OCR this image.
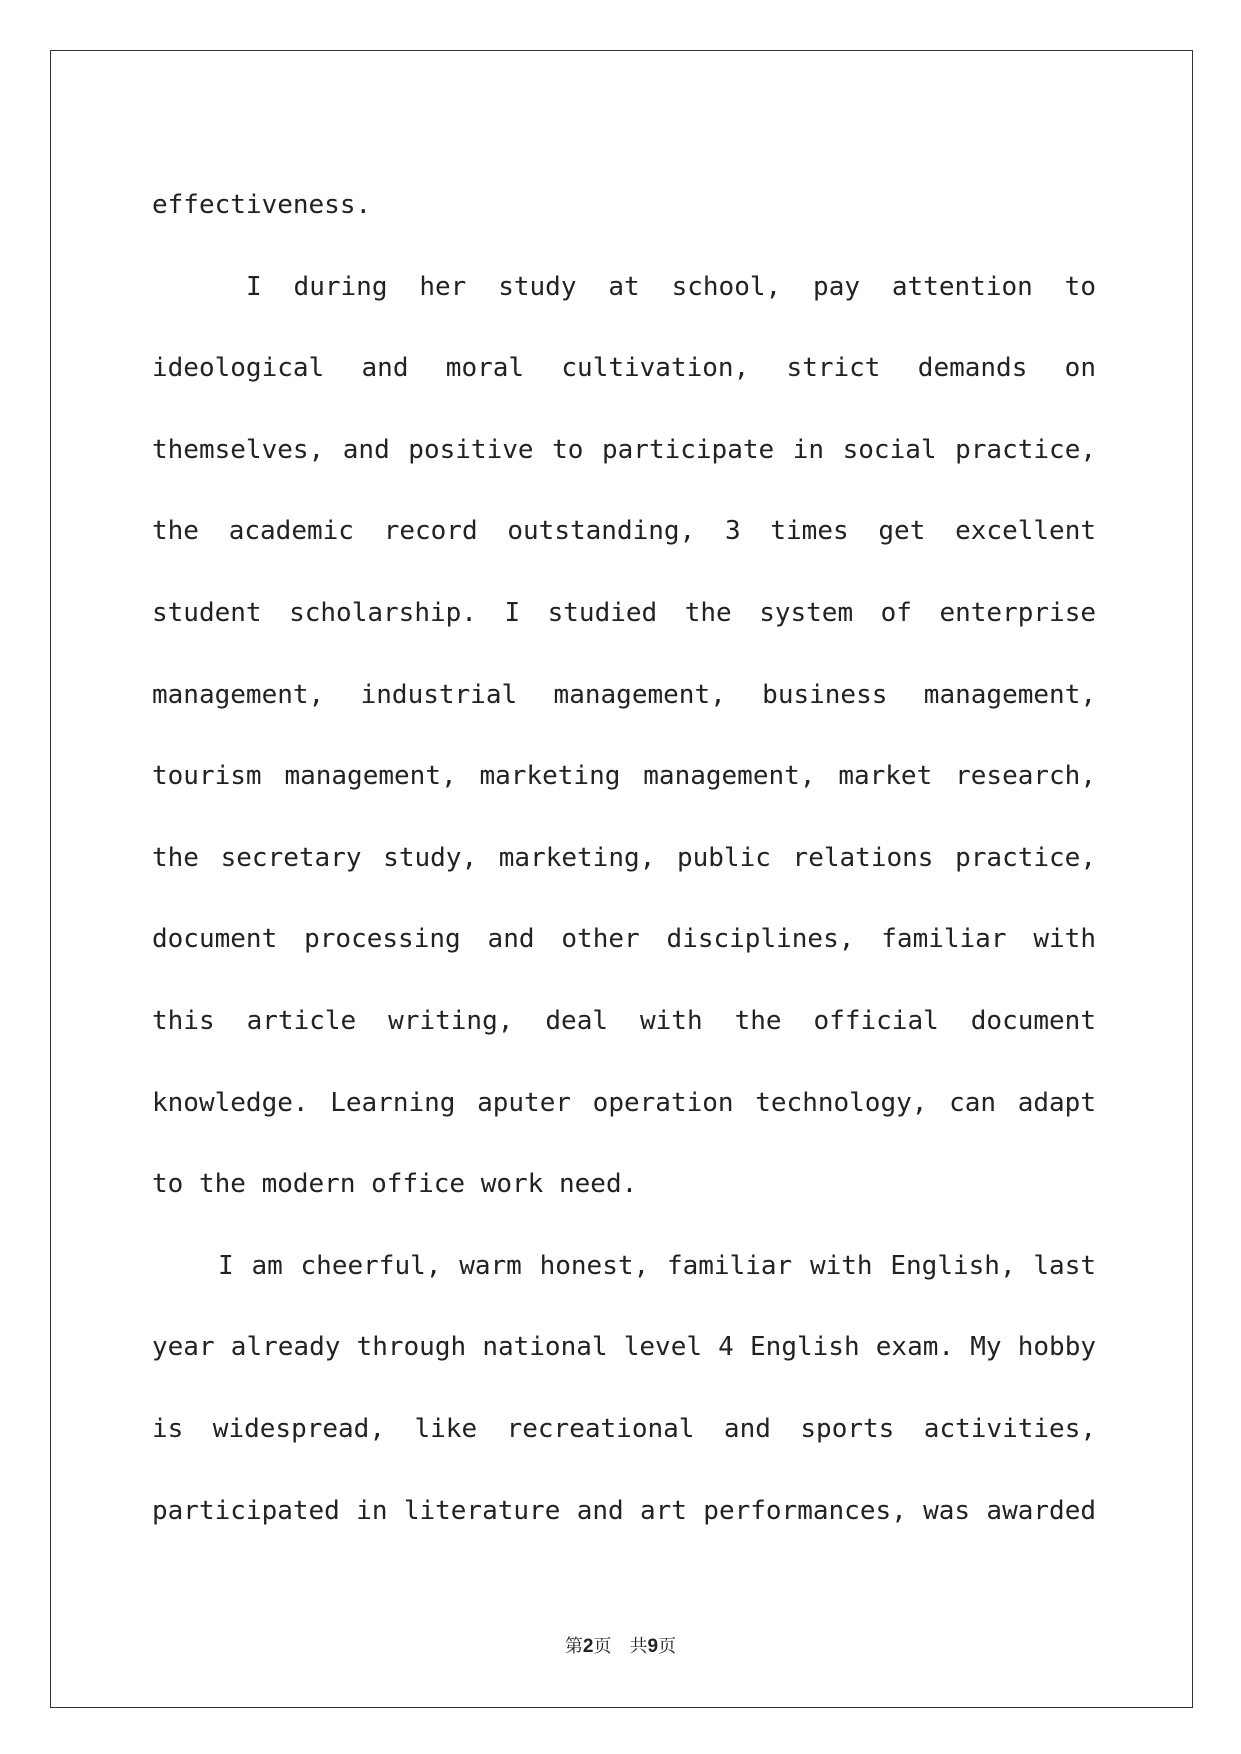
effectiveness.
I during her study at school, pay attention to
ideological and moral cultivation, strict demands on
themselves, and positive to participate in social practice,
the academic record outstanding, 3 times get excellent
student scholarship. I studied the system of enterprise
management, industrial management, business management,
tourism management, marketing management, market research,
the secretary study, marketing, public relations practice,
document processing and other disciplines, familiar with
this article writing, deal with the official document
knowledge. Learning aputer operation technology, can adapt
to the modern office work need.
I am cheerful, warm honest, familiar with English, last
year already through national level 4 English exam. My hobby
is widespread, like recreational and sports activities,
participated in literature and art performances, was awarded
第2页 共9页
